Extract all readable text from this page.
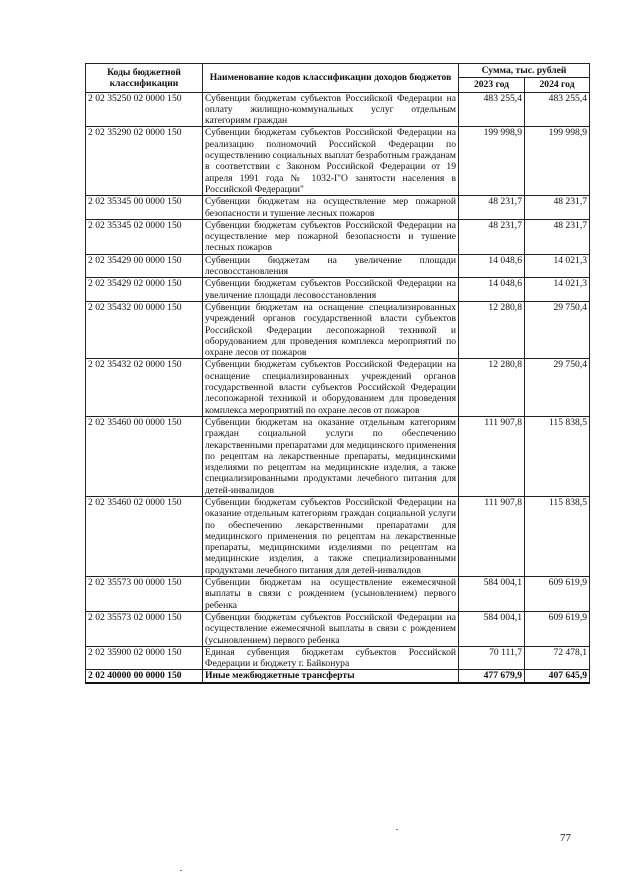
Коды бюджетной классификации	Наименование кодов классификации доходов бюджетов	Сумма, тыс. рублей	
		2023 год	2024 год
2 02 35250 02 0000 150	Субвенции бюджетам субъектов Российской Федерации на оплату жилищно-коммунальных услуг отдельным категориям граждан	483 255,4	483 255,4
2 02 35290 02 0000 150	Субвенции бюджетам субъектов Российской Федерации на реализацию полномочий Российской Федерации по осуществлению социальных выплат безработным гражданам в соответствии с Законом Российской Федерации от 19 апреля 1991 года № 1032-I"О занятости населения в Российской Федерации"	199 998,9	199 998,9
2 02 35345 00 0000 150	Субвенции бюджетам на осуществление мер пожарной безопасности и тушение лесных пожаров	48 231,7	48 231,7
2 02 35345 02 0000 150	Субвенции бюджетам субъектов Российской Федерации на осуществление мер пожарной безопасности и тушение лесных пожаров	48 231,7	48 231,7
2 02 35429 00 0000 150	Субвенции бюджетам на увеличение площади лесовосстановления	14 048,6	14 021,3
2 02 35429 02 0000 150	Субвенции бюджетам субъектов Российской Федерации на увеличение площади лесовосстановления	14 048,6	14 021,3
2 02 35432 00 0000 150	Субвенции бюджетам на оснащение специализированных учреждений органов государственной власти субъектов Российской Федерации лесопожарной техникой и оборудованием для проведения комплекса мероприятий по охране лесов от пожаров	12 280,8	29 750,4
2 02 35432 02 0000 150	Субвенции бюджетам субъектов Российской Федерации на оснащение специализированных учреждений органов государственной власти субъектов Российской Федерации лесопожарной техникой и оборудованием для проведения комплекса мероприятий по охране лесов от пожаров	12 280,8	29 750,4
2 02 35460 00 0000 150	Субвенции бюджетам на оказание отдельным категориям граждан социальной услуги по обеспечению лекарственными препаратами для медицинского применения по рецептам на лекарственные препараты, медицинскими изделиями по рецептам на медицинские изделия, а также специализированными продуктами лечебного питания для детей-инвалидов	111 907,8	115 838,5
2 02 35460 02 0000 150	Субвенции бюджетам субъектов Российской Федерации на оказание отдельным категориям граждан социальной услуги по обеспечению лекарственными препаратами для медицинского применения по рецептам на лекарственные препараты, медицинскими изделиями по рецептам на медицинские изделия, а также специализированными продуктами лечебного питания для детей-инвалидов	111 907,8	115 838,5
2 02 35573 00 0000 150	Субвенции бюджетам на осуществление ежемесячной выплаты в связи с рождением (усыновлением) первого ребенка	584 004,1	609 619,9
2 02 35573 02 0000 150	Субвенции бюджетам субъектов Российской Федерации на осуществление ежемесячной выплаты в связи с рождением (усыновлением) первого ребенка	584 004,1	609 619,9
2 02 35900 02 0000 150	Единая субвенция бюджетам субъектов Российской Федерации и бюджету г. Байконура	70 111,7	72 478,1
2 02 40000 00 0000 150	Иные межбюджетные трансферты	477 679,9	407 645,9
77
